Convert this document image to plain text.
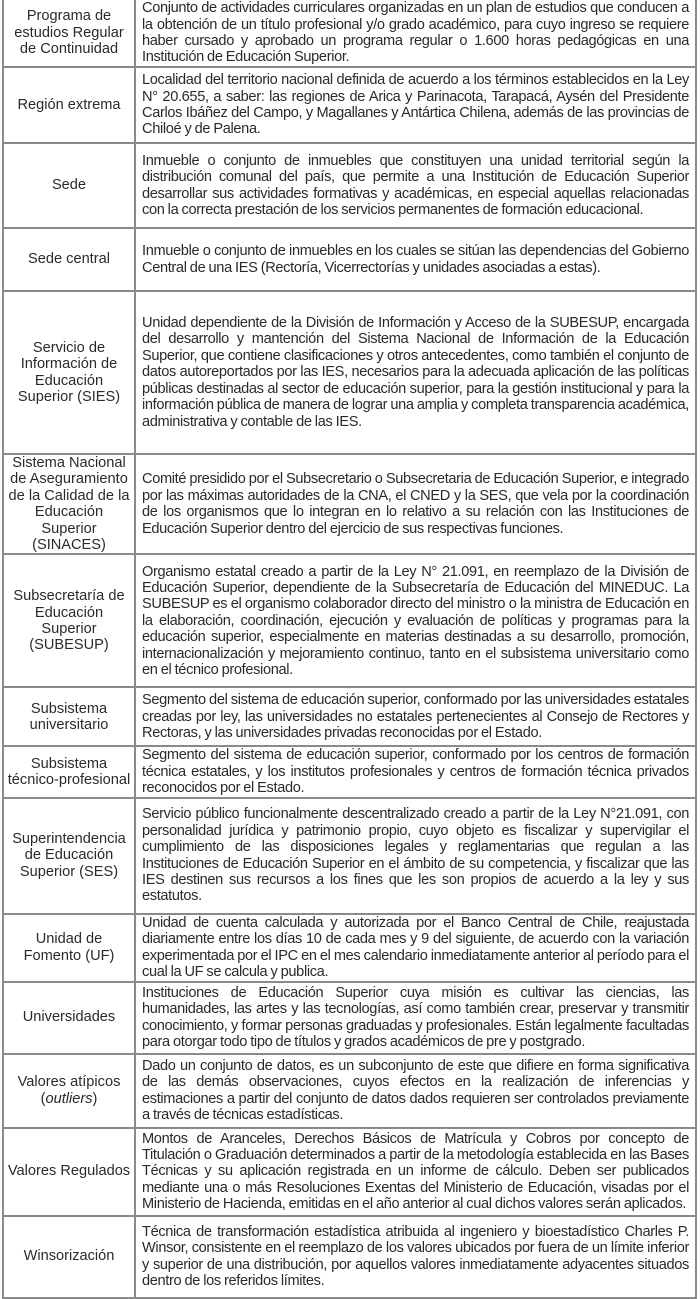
Programa de estudios Regular de Continuidad	Conjunto de actividades curriculares organizadas en un plan de estudios que conducen a la obtención de un título profesional y/o grado académico, para cuyo ingreso se requiere haber cursado y aprobado un programa regular o 1.600 horas pedagógicas en una Institución de Educación Superior.
Región extrema	Localidad del territorio nacional definida de acuerdo a los términos establecidos en la Ley N° 20.655, a saber: las regiones de Arica y Parinacota, Tarapacá, Aysén del Presidente Carlos Ibáñez del Campo, y Magallanes y Antártica Chilena, además de las provincias de Chiloé y de Palena.
Sede	Inmueble o conjunto de inmuebles que constituyen una unidad territorial según la distribución comunal del país, que permite a una Institución de Educación Superior desarrollar sus actividades formativas y académicas, en especial aquellas relacionadas con la correcta prestación de los servicios permanentes de formación educacional.
Sede central	Inmueble o conjunto de inmuebles en los cuales se sitúan las dependencias del Gobierno Central de una IES (Rectoría, Vicerrectorías y unidades asociadas a estas).
Servicio de Información de Educación Superior (SIES)	Unidad dependiente de la División de Información y Acceso de la SUBESUP, encargada del desarrollo y mantención del Sistema Nacional de Información de la Educación Superior, que contiene clasificaciones y otros antecedentes, como también el conjunto de datos autoreportados por las IES, necesarios para la adecuada aplicación de las políticas públicas destinadas al sector de educación superior, para la gestión institucional y para la información pública de manera de lograr una amplia y completa transparencia académica, administrativa y contable de las IES.
Sistema Nacional de Aseguramiento de la Calidad de la Educación Superior (SINACES)	Comité presidido por el Subsecretario o Subsecretaria de Educación Superior, e integrado por las máximas autoridades de la CNA, el CNED y la SES, que vela por la coordinación de los organismos que lo integran en lo relativo a su relación con las Instituciones de Educación Superior dentro del ejercicio de sus respectivas funciones.
Subsecretaría de Educación Superior (SUBESUP)	Organismo estatal creado a partir de la Ley N° 21.091, en reemplazo de la División de Educación Superior, dependiente de la Subsecretaría de Educación del MINEDUC. La SUBESUP es el organismo colaborador directo del ministro o la ministra de Educación en la elaboración, coordinación, ejecución y evaluación de políticas y programas para la educación superior, especialmente en materias destinadas a su desarrollo, promoción, internacionalización y mejoramiento continuo, tanto en el subsistema universitario como en el técnico profesional.
Subsistema universitario	Segmento del sistema de educación superior, conformado por las universidades estatales creadas por ley, las universidades no estatales pertenecientes al Consejo de Rectores y Rectoras, y las universidades privadas reconocidas por el Estado.
Subsistema técnico-profesional	Segmento del sistema de educación superior, conformado por los centros de formación técnica estatales, y los institutos profesionales y centros de formación técnica privados reconocidos por el Estado.
Superintendencia de Educación Superior (SES)	Servicio público funcionalmente descentralizado creado a partir de la Ley N°21.091, con personalidad jurídica y patrimonio propio, cuyo objeto es fiscalizar y supervigilar el cumplimiento de las disposiciones legales y reglamentarias que regulan a las Instituciones de Educación Superior en el ámbito de su competencia, y fiscalizar que las IES destinen sus recursos a los fines que les son propios de acuerdo a la ley y sus estatutos.
Unidad de Fomento (UF)	Unidad de cuenta calculada y autorizada por el Banco Central de Chile, reajustada diariamente entre los días 10 de cada mes y 9 del siguiente, de acuerdo con la variación experimentada por el IPC en el mes calendario inmediatamente anterior al período para el cual la UF se calcula y publica.
Universidades	Instituciones de Educación Superior cuya misión es cultivar las ciencias, las humanidades, las artes y las tecnologías, así como también crear, preservar y transmitir conocimiento, y formar personas graduadas y profesionales. Están legalmente facultadas para otorgar todo tipo de títulos y grados académicos de pre y postgrado.
Valores atípicos (outliers)	Dado un conjunto de datos, es un subconjunto de este que difiere en forma significativa de las demás observaciones, cuyos efectos en la realización de inferencias y estimaciones a partir del conjunto de datos dados requieren ser controlados previamente a través de técnicas estadísticas.
Valores Regulados	Montos de Aranceles, Derechos Básicos de Matrícula y Cobros por concepto de Titulación o Graduación determinados a partir de la metodología establecida en las Bases Técnicas y su aplicación registrada en un informe de cálculo. Deben ser publicados mediante una o más Resoluciones Exentas del Ministerio de Educación, visadas por el Ministerio de Hacienda, emitidas en el año anterior al cual dichos valores serán aplicados.
Winsorización	Técnica de transformación estadística atribuida al ingeniero y bioestadístico Charles P. Winsor, consistente en el reemplazo de los valores ubicados por fuera de un límite inferior y superior de una distribución, por aquellos valores inmediatamente adyacentes situados dentro de los referidos límites.
